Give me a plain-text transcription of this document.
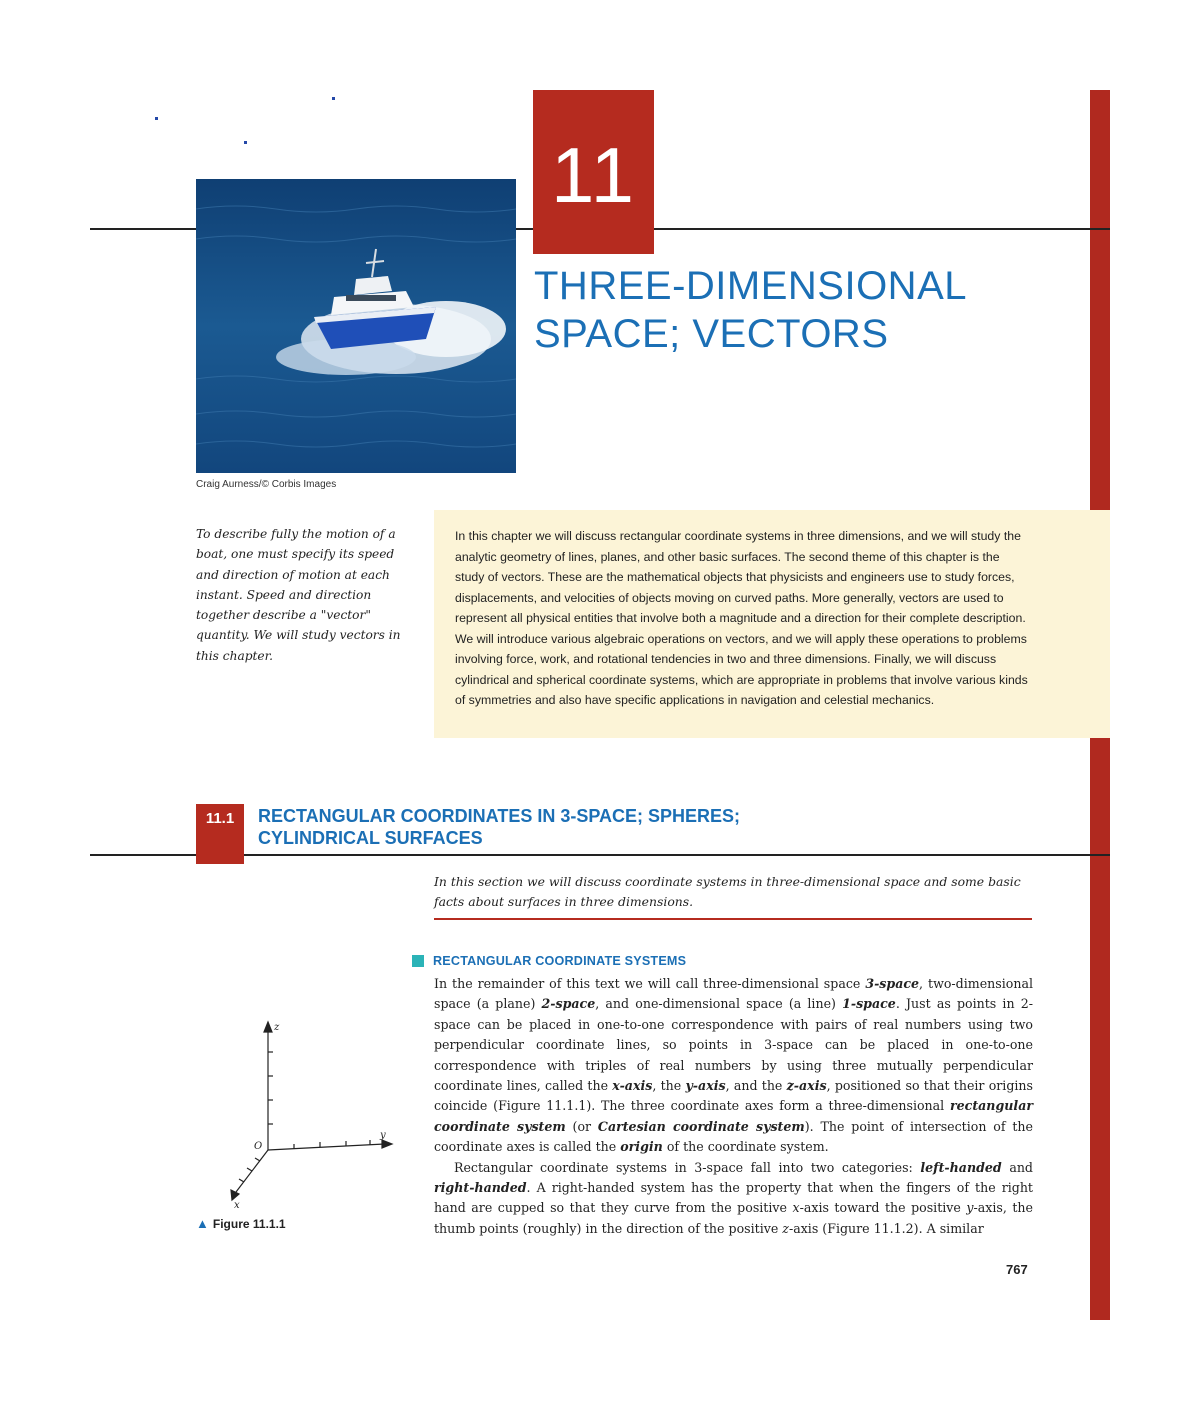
11
THREE-DIMENSIONAL
SPACE; VECTORS
Craig Aurness/© Corbis Images
To describe fully the motion of a boat, one must specify its speed and direction of motion at each instant. Speed and direction together describe a "vector" quantity. We will study vectors in this chapter.
In this chapter we will discuss rectangular coordinate systems in three dimensions, and we will study the analytic geometry of lines, planes, and other basic surfaces. The second theme of this chapter is the study of vectors. These are the mathematical objects that physicists and engineers use to study forces, displacements, and velocities of objects moving on curved paths. More generally, vectors are used to represent all physical entities that involve both a magnitude and a direction for their complete description. We will introduce various algebraic operations on vectors, and we will apply these operations to problems involving force, work, and rotational tendencies in two and three dimensions. Finally, we will discuss cylindrical and spherical coordinate systems, which are appropriate in problems that involve various kinds of symmetries and also have specific applications in navigation and celestial mechanics.
11.1	RECTANGULAR COORDINATES IN 3-SPACE; SPHERES;
CYLINDRICAL SURFACES
In this section we will discuss coordinate systems in three-dimensional space and some basic facts about surfaces in three dimensions.
RECTANGULAR COORDINATE SYSTEMS

In the remainder of this text we will call three-dimensional space 3-space, two-dimensional space (a plane) 2-space, and one-dimensional space (a line) 1-space. Just as points in 2-space can be placed in one-to-one correspondence with pairs of real numbers using two perpendicular coordinate lines, so points in 3-space can be placed in one-to-one correspondence with triples of real numbers by using three mutually perpendicular coordinate lines, called the x-axis, the y-axis, and the z-axis, positioned so that their origins coincide (Figure 11.1.1). The three coordinate axes form a three-dimensional rectangular coordinate system (or Cartesian coordinate system). The point of intersection of the coordinate axes is called the origin of the coordinate system.

Rectangular coordinate systems in 3-space fall into two categories: left-handed and right-handed. A right-handed system has the property that when the fingers of the right hand are cupped so that they curve from the positive x-axis toward the positive y-axis, the thumb points (roughly) in the direction of the positive z-axis (Figure 11.1.2). A similar

z
y
x
O
▲ Figure 11.1.1
767
